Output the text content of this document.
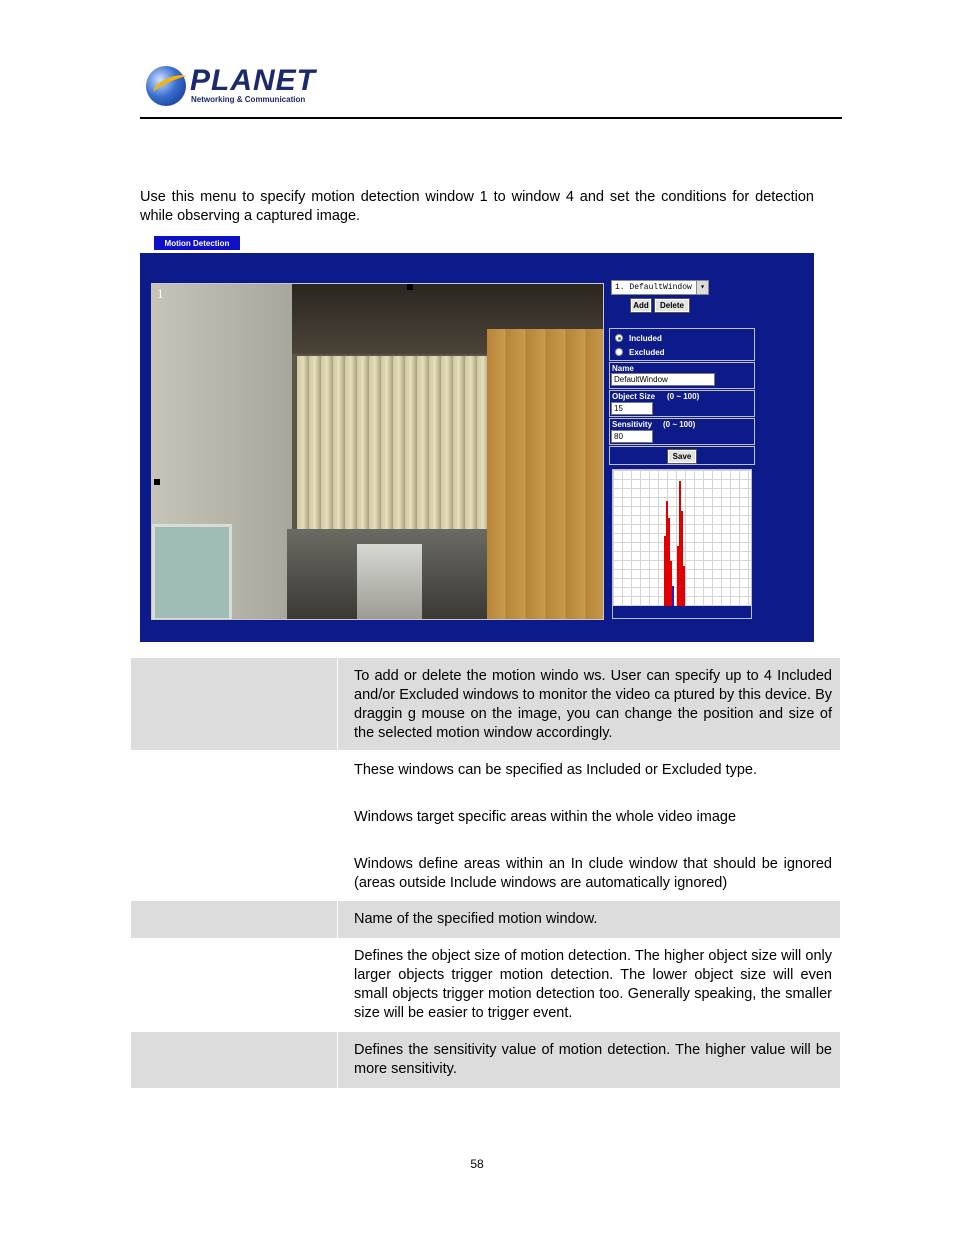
PLANET
Networking & Communication

Use this menu to specify motion detection window 1 to window 4 and set the conditions for detection while observing a captured image.

Motion Detection
1	1. DefaultWindow	▾
Add	Delete
Included
Excluded
Name
DefaultWindow
Object Size (0 ~ 100)
15
Sensitivity (0 ~ 100)
80
Save
To add or delete the motion windo ws. User can specify up to 4 Included and/or Excluded windows to monitor the video ca ptured by this device. By draggin g mouse on the image, you can change the position and size of the selected motion window accordingly.
These windows can be specified as Included or Excluded type.
Windows target specific areas within the whole video image
Windows define areas within an In clude window that should be ignored (areas outside Include windows are automatically ignored)
Name of the specified motion window.
Defines the object size of motion detection. The higher object size will only larger objects trigger motion detection. The lower object size will even small objects trigger motion detection too. Generally speaking, the smaller size will be easier to trigger event.
Defines the sensitivity value of motion detection. The higher value will be more sensitivity.
58
